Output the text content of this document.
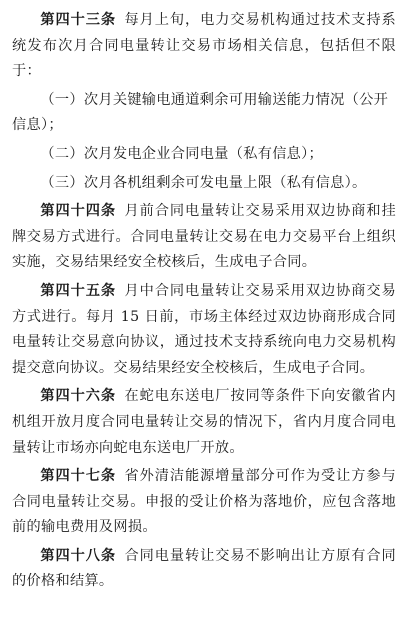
第四十三条 每月上旬，电力交易机构通过技术支持系统发布次月合同电量转让交易市场相关信息，包括但不限于：

（一）次月关键输电通道剩余可用输送能力情况（公开信息）；

（二）次月发电企业合同电量（私有信息）；

（三）次月各机组剩余可发电量上限（私有信息）。

第四十四条 月前合同电量转让交易采用双边协商和挂牌交易方式进行。合同电量转让交易在电力交易平台上组织实施，交易结果经安全校核后，生成电子合同。

第四十五条 月中合同电量转让交易采用双边协商交易方式进行。每月 15 日前，市场主体经过双边协商形成合同电量转让交易意向协议，通过技术支持系统向电力交易机构提交意向协议。交易结果经安全校核后，生成电子合同。

第四十六条 在蛇电东送电厂按同等条件下向安徽省内机组开放月度合同电量转让交易的情况下，省内月度合同电量转让市场亦向蛇电东送电厂开放。

第四十七条 省外清洁能源增量部分可作为受让方参与合同电量转让交易。申报的受让价格为落地价，应包含落地前的输电费用及网损。

第四十八条 合同电量转让交易不影响出让方原有合同的价格和结算。
